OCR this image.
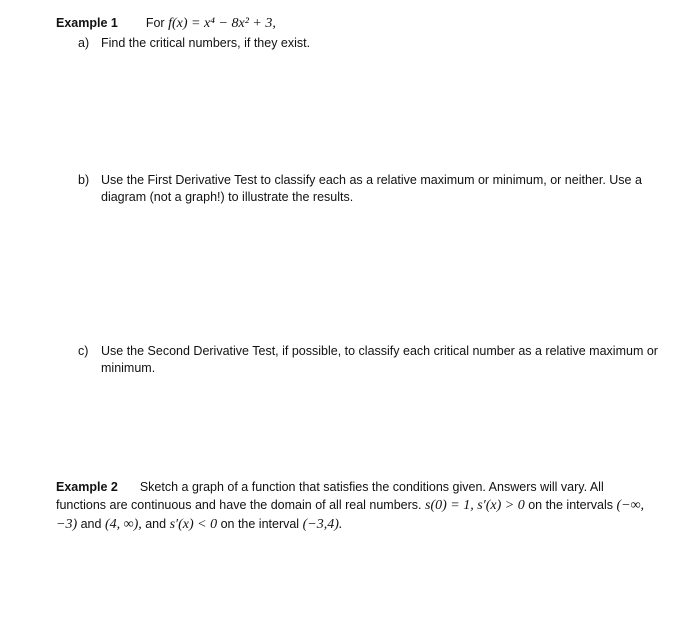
Example 1 For f(x) = x⁴ − 8x² + 3,
a) Find the critical numbers, if they exist.
b) Use the First Derivative Test to classify each as a relative maximum or minimum, or neither. Use a diagram (not a graph!) to illustrate the results.
c) Use the Second Derivative Test, if possible, to classify each critical number as a relative maximum or minimum.
Example 2 Sketch a graph of a function that satisfies the conditions given. Answers will vary. All functions are continuous and have the domain of all real numbers. s(0) = 1, s′(x) > 0 on the intervals (−∞, −3) and (4, ∞), and s′(x) < 0 on the interval (−3,4).
